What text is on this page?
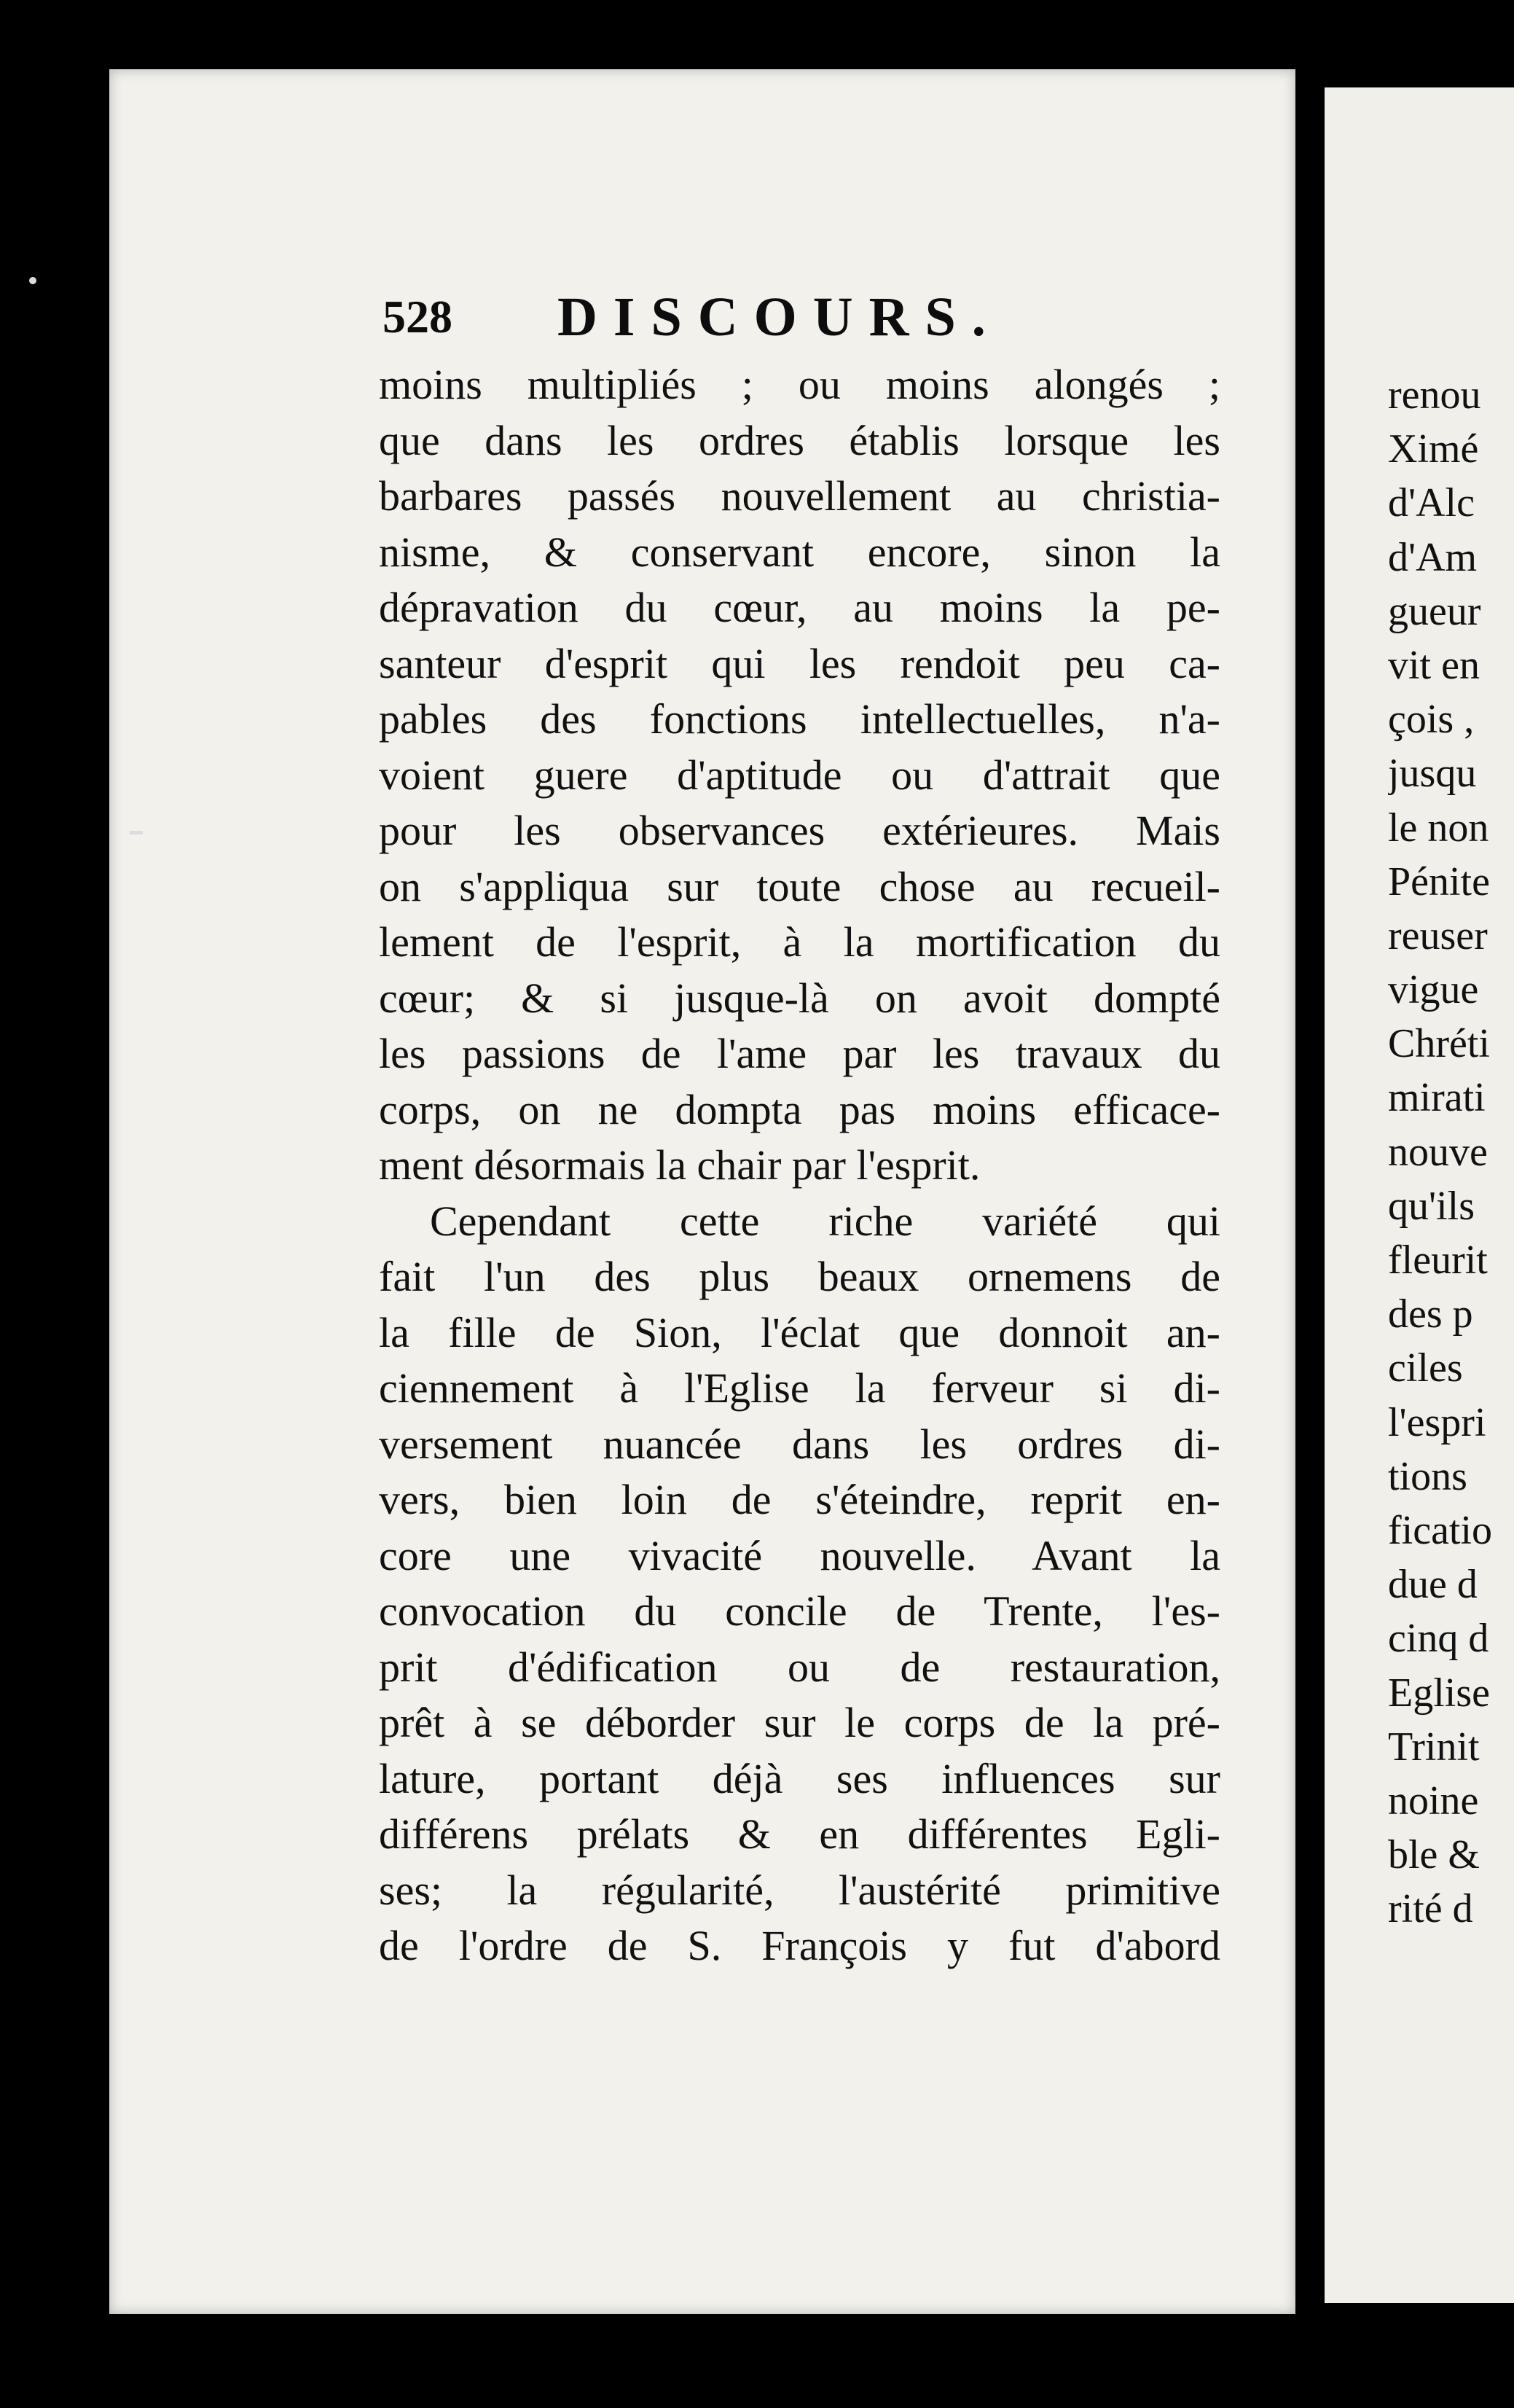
528 DISCOURS.
moins multipliés ; ou moins alongés ;
que dans les ordres établis lorsque les
barbares passés nouvellement au christia-
nisme, & conservant encore, sinon la
dépravation du cœur, au moins la pe-
santeur d'esprit qui les rendoit peu ca-
pables des fonctions intellectuelles, n'a-
voient guere d'aptitude ou d'attrait que
pour les observances extérieures. Mais
on s'appliqua sur toute chose au recueil-
lement de l'esprit, à la mortification du
cœur; & si jusque-là on avoit dompté
les passions de l'ame par les travaux du
corps, on ne dompta pas moins efficace-
ment désormais la chair par l'esprit.
Cependant cette riche variété qui
fait l'un des plus beaux ornemens de
la fille de Sion, l'éclat que donnoit an-
ciennement à l'Eglise la ferveur si di-
versement nuancée dans les ordres di-
vers, bien loin de s'éteindre, reprit en-
core une vivacité nouvelle. Avant la
convocation du concile de Trente, l'es-
prit d'édification ou de restauration,
prêt à se déborder sur le corps de la pré-
lature, portant déjà ses influences sur
différens prélats & en différentes Egli-
ses; la régularité, l'austérité primitive
de l'ordre de S. François y fut d'abord
renou
Ximé
d'Alc
d'Am
gueur
vit en
çois ,
jusqu
le non
Pénite
reuser
vigue
Chréti
mirati
nouve
qu'ils
fleurit
des p
ciles
l'espri
tions
ficatio
due d
cinq d
Eglise
Trinit
noine
ble &
rité d
